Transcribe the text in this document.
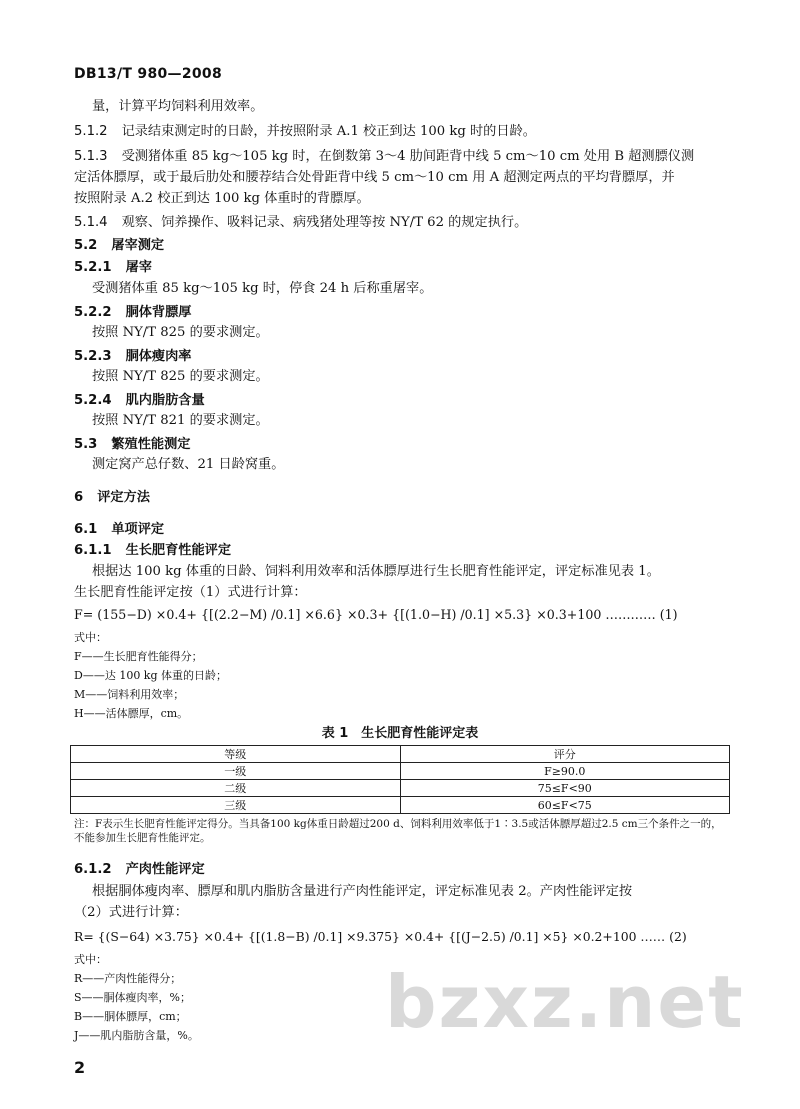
DB13/T 980—2008
量，计算平均饲料利用效率。
5.1.2 记录结束测定时的日龄，并按照附录 A.1 校正到达 100 kg 时的日龄。
5.1.3 受测猪体重 85 kg～105 kg 时，在倒数第 3～4 肋间距背中线 5 cm～10 cm 处用 B 超测膘仪测
定活体膘厚，或于最后肋处和腰荐结合处骨距背中线 5 cm～10 cm 用 A 超测定两点的平均背膘厚，并
按照附录 A.2 校正到达 100 kg 体重时的背膘厚。
5.1.4 观察、饲养操作、吸料记录、病残猪处理等按 NY/T 62 的规定执行。
5.2 屠宰测定
5.2.1 屠宰
受测猪体重 85 kg～105 kg 时，停食 24 h 后称重屠宰。
5.2.2 胴体背膘厚
按照 NY/T 825 的要求测定。
5.2.3 胴体瘦肉率
按照 NY/T 825 的要求测定。
5.2.4 肌内脂肪含量
按照 NY/T 821 的要求测定。
5.3 繁殖性能测定
测定窝产总仔数、21 日龄窝重。
6 评定方法
6.1 单项评定
6.1.1 生长肥育性能评定
根据达 100 kg 体重的日龄、饲料利用效率和活体膘厚进行生长肥育性能评定，评定标准见表 1。
生长肥育性能评定按（1）式进行计算：
F= (155−D) ×0.4+ {[(2.2−M) /0.1] ×6.6} ×0.3+ {[(1.0−H) /0.1] ×5.3} ×0.3+100 ………… (1)
式中：
F——生长肥育性能得分；
D——达 100 kg 体重的日龄；
M——饲料利用效率；
H——活体膘厚，cm。
表 1　生长肥育性能评定表
等级	评分
一级	F≥90.0
二级	75≤F<90
三级	60≤F<75
注：F表示生长肥育性能评定得分。当具备100 kg体重日龄超过200 d、饲料利用效率低于1∶3.5或活体膘厚超过2.5 cm三个条件之一的，不能参加生长肥育性能评定。
6.1.2 产肉性能评定
根据胴体瘦肉率、膘厚和肌内脂肪含量进行产肉性能评定，评定标准见表 2。产肉性能评定按
（2）式进行计算：
R= {(S−64) ×3.75} ×0.4+ {[(1.8−B) /0.1] ×9.375} ×0.4+ {[(J−2.5) /0.1] ×5} ×0.2+100 …… (2)
式中：
R——产肉性能得分；
S——胴体瘦肉率，%；
B——胴体膘厚，cm；
J——肌内脂肪含量，%。	bzxz.net
2
